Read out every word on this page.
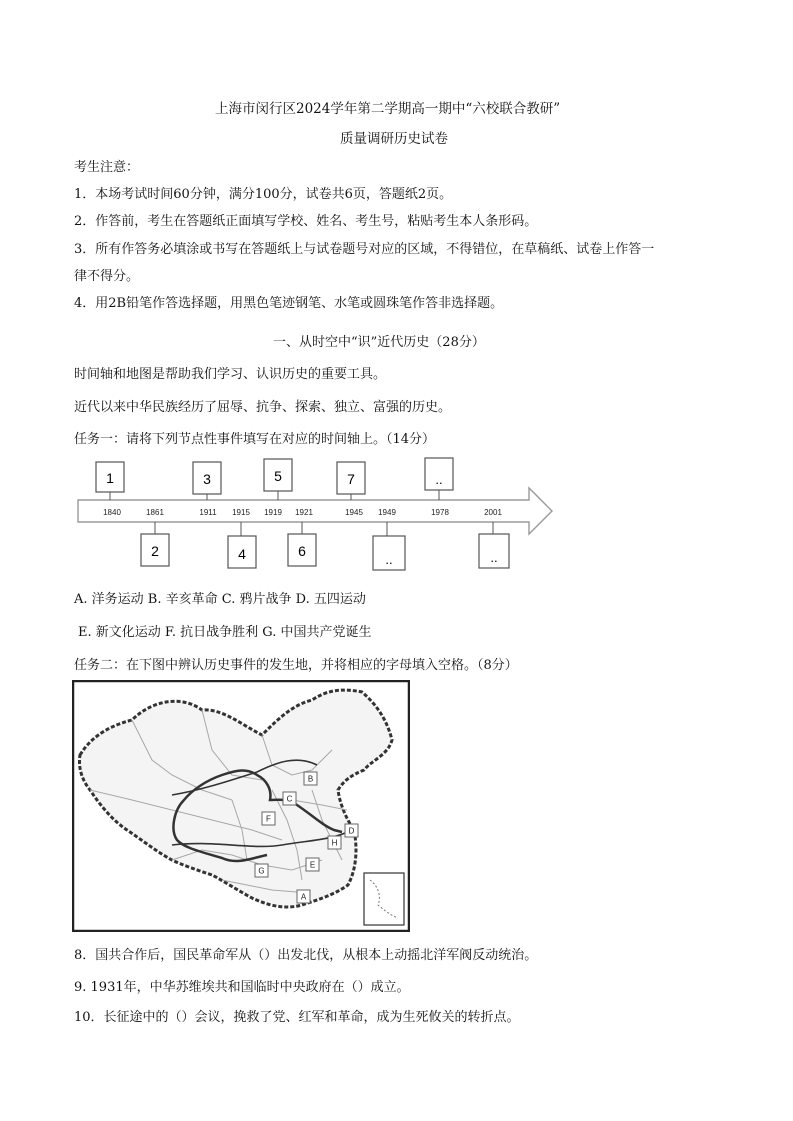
上海市闵行区2024学年第二学期高一期中“六校联合教研”
质量调研历史试卷
考生注意：
1．本场考试时间60分钟，满分100分，试卷共6页，答题纸2页。
2．作答前，考生在答题纸正面填写学校、姓名、考生号，粘贴考生本人条形码。
3．所有作答务必填涂或书写在答题纸上与试卷题号对应的区域，不得错位，在草稿纸、试卷上作答一
律不得分。
4．用2B铅笔作答选择题，用黑色笔迹钢笔、水笔或圆珠笔作答非选择题。
一、从时空中“识”近代历史（28分）
时间轴和地图是帮助我们学习、认识历史的重要工具。
近代以来中华民族经历了屈辱、抗争、探索、独立、富强的历史。
任务一：请将下列节点性事件填写在对应的时间轴上。（14分）
1	3	5	7	..
1840	1861	1911 1915 1919 1921	1945 1949	1978	2001
2	4	6
..	..
A. 洋务运动 B. 辛亥革命 C. 鸦片战争 D. 五四运动
E. 新文化运动 F. 抗日战争胜利 G. 中国共产党诞生
任务二：在下图中辨认历史事件的发生地，并将相应的字母填入空格。（8分）
A
B
C
D
E
F
G
H
8．国共合作后，国民革命军从（）出发北伐，从根本上动摇北洋军阀反动统治。
9. 1931年，中华苏维埃共和国临时中央政府在（）成立。
10．长征途中的（）会议，挽救了党、红军和革命，成为生死攸关的转折点。
